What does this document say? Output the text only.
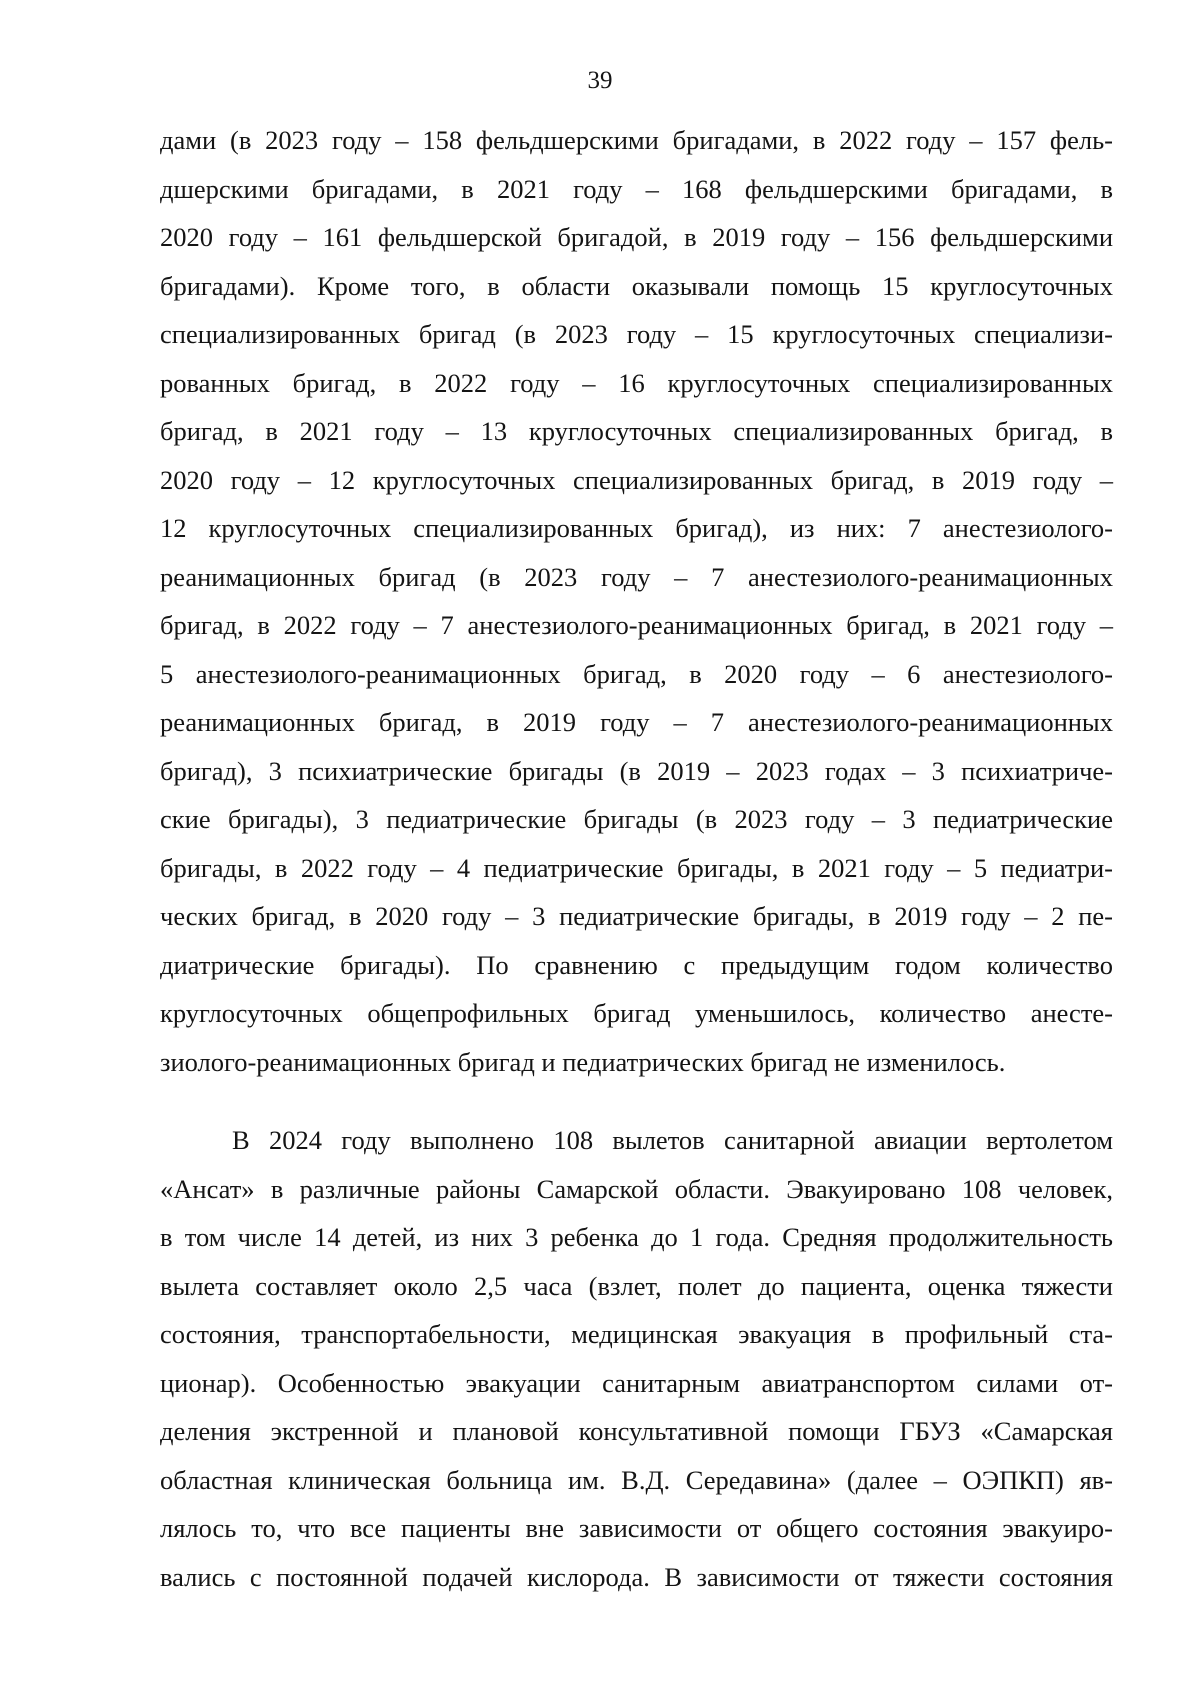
39
дами (в 2023 году – 158 фельдшерскими бригадами, в 2022 году – 157 фель-
дшерскими бригадами, в 2021 году – 168 фельдшерскими бригадами, в
2020 году – 161 фельдшерской бригадой, в 2019 году – 156 фельдшерскими
бригадами). Кроме того, в области оказывали помощь 15 круглосуточных
специализированных бригад (в 2023 году – 15 круглосуточных специализи-
рованных бригад, в 2022 году – 16 круглосуточных специализированных
бригад, в 2021 году – 13 круглосуточных специализированных бригад, в
2020 году – 12 круглосуточных специализированных бригад, в 2019 году –
12 круглосуточных специализированных бригад), из них: 7 анестезиолого-
реанимационных бригад (в 2023 году – 7 анестезиолого-реанимационных
бригад, в 2022 году – 7 анестезиолого-реанимационных бригад, в 2021 году –
5 анестезиолого-реанимационных бригад, в 2020 году – 6 анестезиолого-
реанимационных бригад, в 2019 году – 7 анестезиолого-реанимационных
бригад), 3 психиатрические бригады (в 2019 – 2023 годах – 3 психиатриче-
ские бригады), 3 педиатрические бригады (в 2023 году – 3 педиатрические
бригады, в 2022 году – 4 педиатрические бригады, в 2021 году – 5 педиатри-
ческих бригад, в 2020 году – 3 педиатрические бригады, в 2019 году – 2 пе-
диатрические бригады). По сравнению с предыдущим годом количество
круглосуточных общепрофильных бригад уменьшилось, количество анесте-
зиолого-реанимационных бригад и педиатрических бригад не изменилось.
В 2024 году выполнено 108 вылетов санитарной авиации вертолетом
«Ансат» в различные районы Самарской области. Эвакуировано 108 человек,
в том числе 14 детей, из них 3 ребенка до 1 года. Средняя продолжительность
вылета составляет около 2,5 часа (взлет, полет до пациента, оценка тяжести
состояния, транспортабельности, медицинская эвакуация в профильный ста-
ционар). Особенностью эвакуации санитарным авиатранспортом силами от-
деления экстренной и плановой консультативной помощи ГБУЗ «Самарская
областная клиническая больница им. В.Д. Середавина» (далее – ОЭПКП) яв-
лялось то, что все пациенты вне зависимости от общего состояния эвакуиро-
вались с постоянной подачей кислорода. В зависимости от тяжести состояния
